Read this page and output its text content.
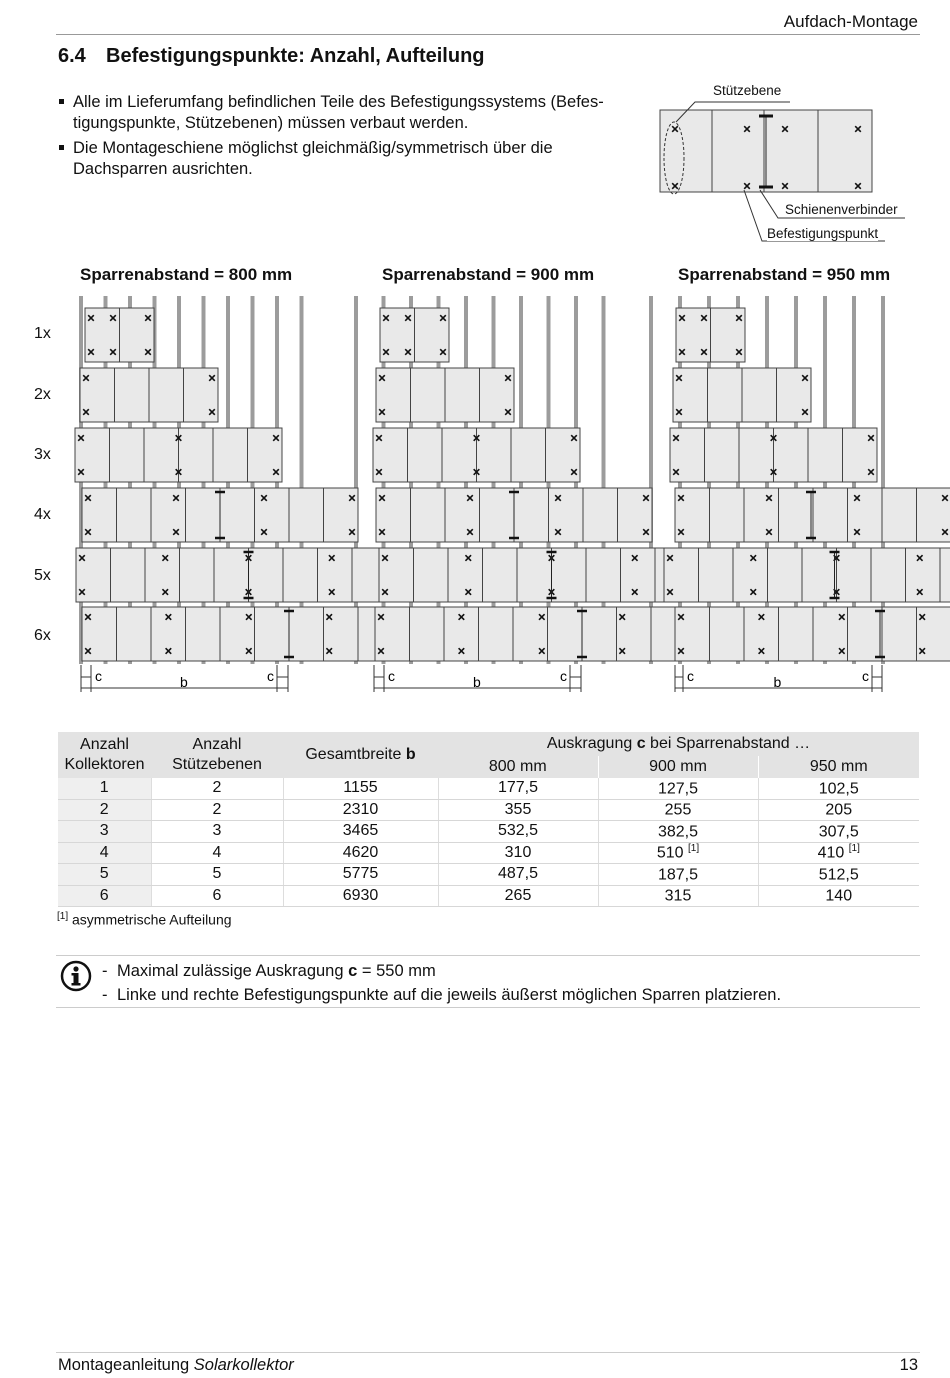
Aufdach-Montage
6.4 Befestigungspunkte: Anzahl, Aufteilung
Alle im Lieferumfang befindlichen Teile des Befestigungssystems (Befes-tigungspunkte, Stützebenen) müssen verbaut werden.
Die Montageschiene möglichst gleichmäßig/symmetrisch über die Dachsparren ausrichten.
Stützebene
Schienenverbinder
Befestigungspunkt
Sparrenabstand = 800 mm	Sparrenabstand = 900 mm	Sparrenabstand = 950 mm
1x
2x
3x
4x
5x
6x
c	b	c	c	b	c	c	b	c
Anzahl Kollektoren	Anzahl Stützebenen	Gesamtbreite b	Auskragung c bei Sparrenabstand …		
			800 mm	900 mm	950 mm
1	2	1155	177,5	127,5	102,5
2	2	2310	355	255	205
3	3	3465	532,5	382,5	307,5
4	4	4620	310	510 [1]	410 [1]
5	5	5775	487,5	187,5	512,5
6	6	6930	265	315	140
[1] asymmetrische Aufteilung
- Maximal zulässige Auskragung c = 550 mm
- Linke und rechte Befestigungspunkte auf die jeweils äußerst möglichen Sparren platzieren.
Montageanleitung Solarkollektor	13
